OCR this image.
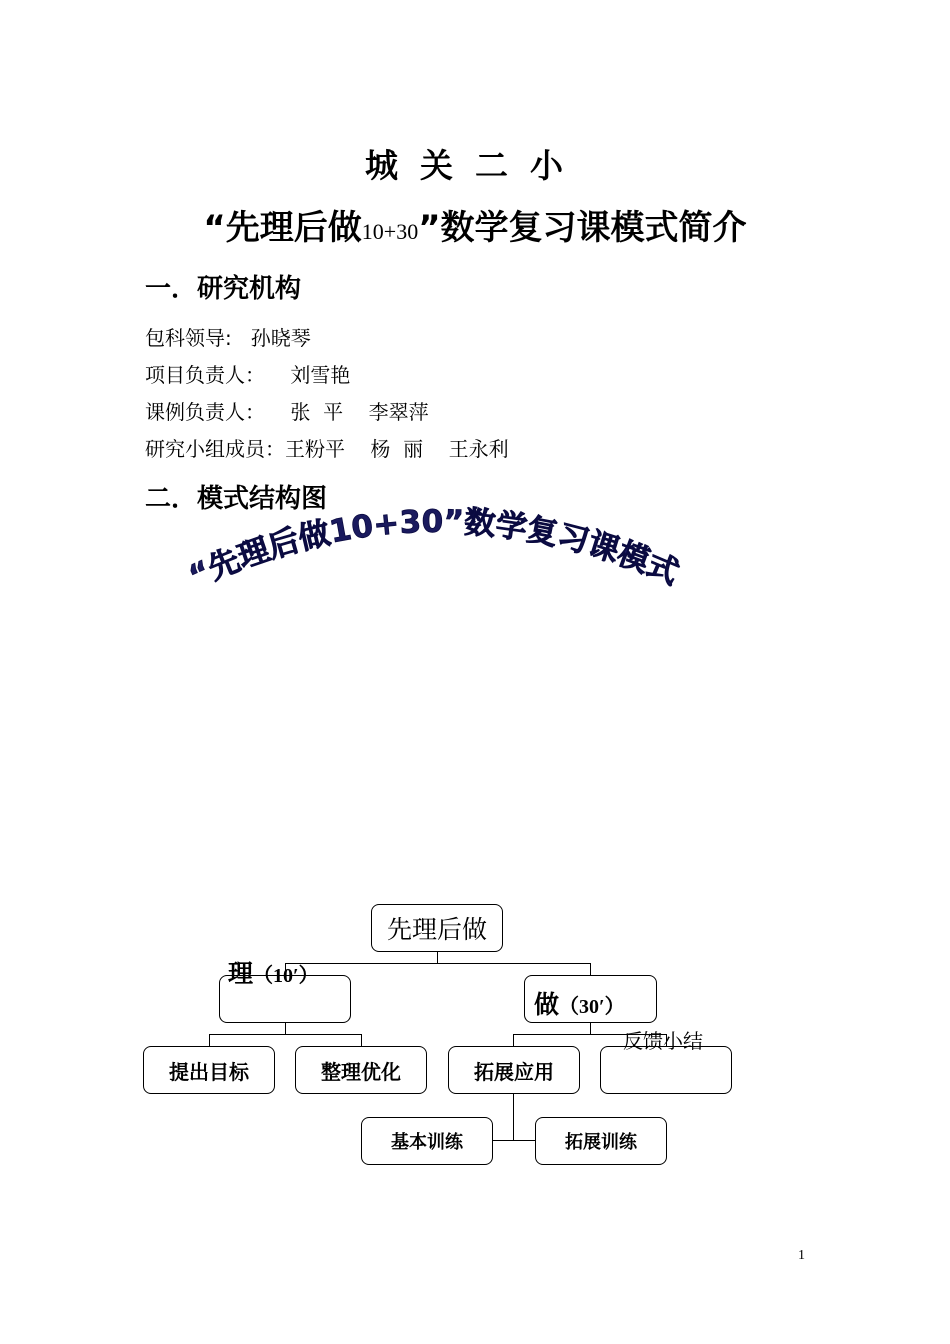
城关二小
“先理后做10+30”数学复习课模式简介
一．研究机构
包科领导:   孙晓琴
项目负责人：    刘雪艳
课例负责人：    张  平    李翠萍
研究小组成员：王粉平    杨  丽    王永利
二．模式结构图
“先理后做10+30”数学复习课模式
先理后做
提出目标	整理优化	拓展应用
基本训练	拓展训练
理（10′）
做（30′）
反馈小结
1
